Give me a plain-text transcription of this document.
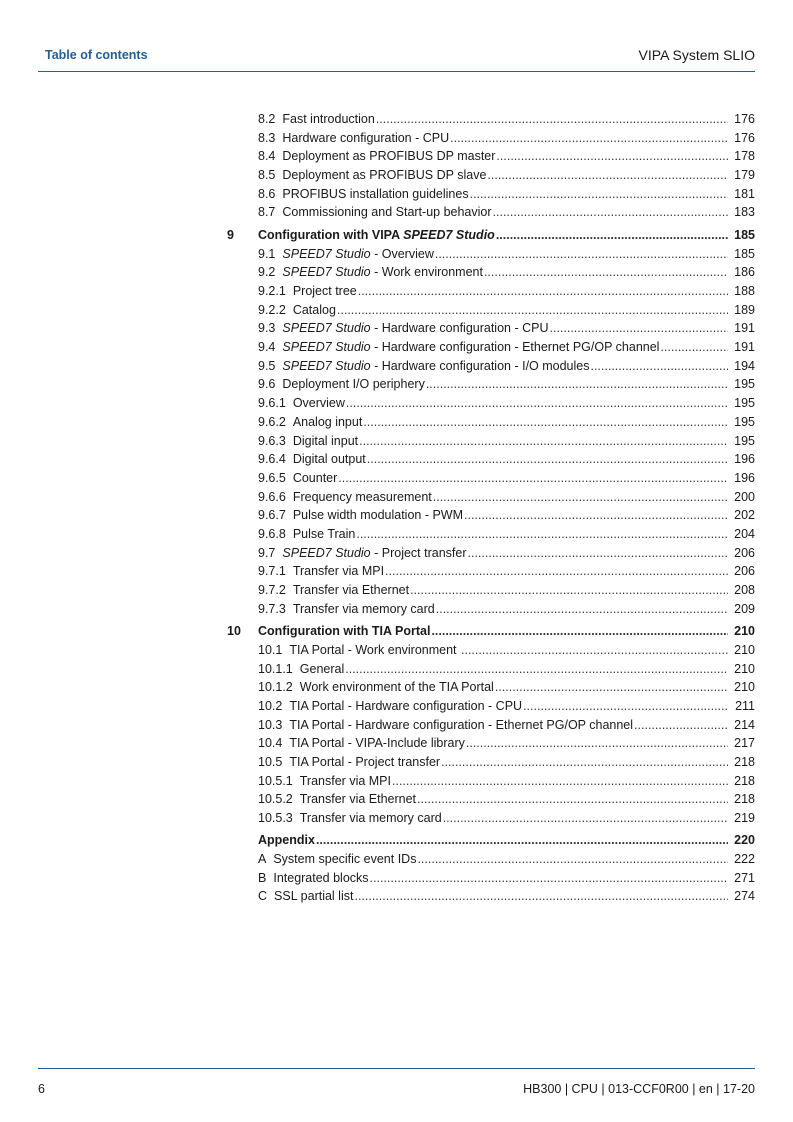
Table of contents	VIPA System SLIO
8.2 Fast introduction .....	176
8.3 Hardware configuration - CPU .....	176
8.4 Deployment as PROFIBUS DP master .....	178
8.5 Deployment as PROFIBUS DP slave .....	179
8.6 PROFIBUS installation guidelines .....	181
8.7 Commissioning and Start-up behavior .....	183
9 Configuration with VIPA SPEED7 Studio .....	185
9.1 SPEED7 Studio - Overview .....	185
9.2 SPEED7 Studio - Work environment .....	186
9.2.1 Project tree .....	188
9.2.2 Catalog .....	189
9.3 SPEED7 Studio - Hardware configuration - CPU .....	191
9.4 SPEED7 Studio - Hardware configuration - Ethernet PG/OP channel .....	191
9.5 SPEED7 Studio - Hardware configuration - I/O modules .....	194
9.6 Deployment I/O periphery .....	195
9.6.1 Overview .....	195
9.6.2 Analog input .....	195
9.6.3 Digital input .....	195
9.6.4 Digital output .....	196
9.6.5 Counter .....	196
9.6.6 Frequency measurement .....	200
9.6.7 Pulse width modulation - PWM .....	202
9.6.8 Pulse Train .....	204
9.7 SPEED7 Studio - Project transfer .....	206
9.7.1 Transfer via MPI .....	206
9.7.2 Transfer via Ethernet .....	208
9.7.3 Transfer via memory card .....	209
10 Configuration with TIA Portal .....	210
10.1 TIA Portal - Work environment .....	210
10.1.1 General .....	210
10.1.2 Work environment of the TIA Portal .....	210
10.2 TIA Portal - Hardware configuration - CPU .....	211
10.3 TIA Portal - Hardware configuration - Ethernet PG/OP channel .....	214
10.4 TIA Portal - VIPA-Include library .....	217
10.5 TIA Portal - Project transfer .....	218
10.5.1 Transfer via MPI .....	218
10.5.2 Transfer via Ethernet .....	218
10.5.3 Transfer via memory card .....	219
Appendix .....	220
A System specific event IDs .....	222
B Integrated blocks .....	271
C SSL partial list .....	274
6	HB300 | CPU | 013-CCF0R00 | en | 17-20
